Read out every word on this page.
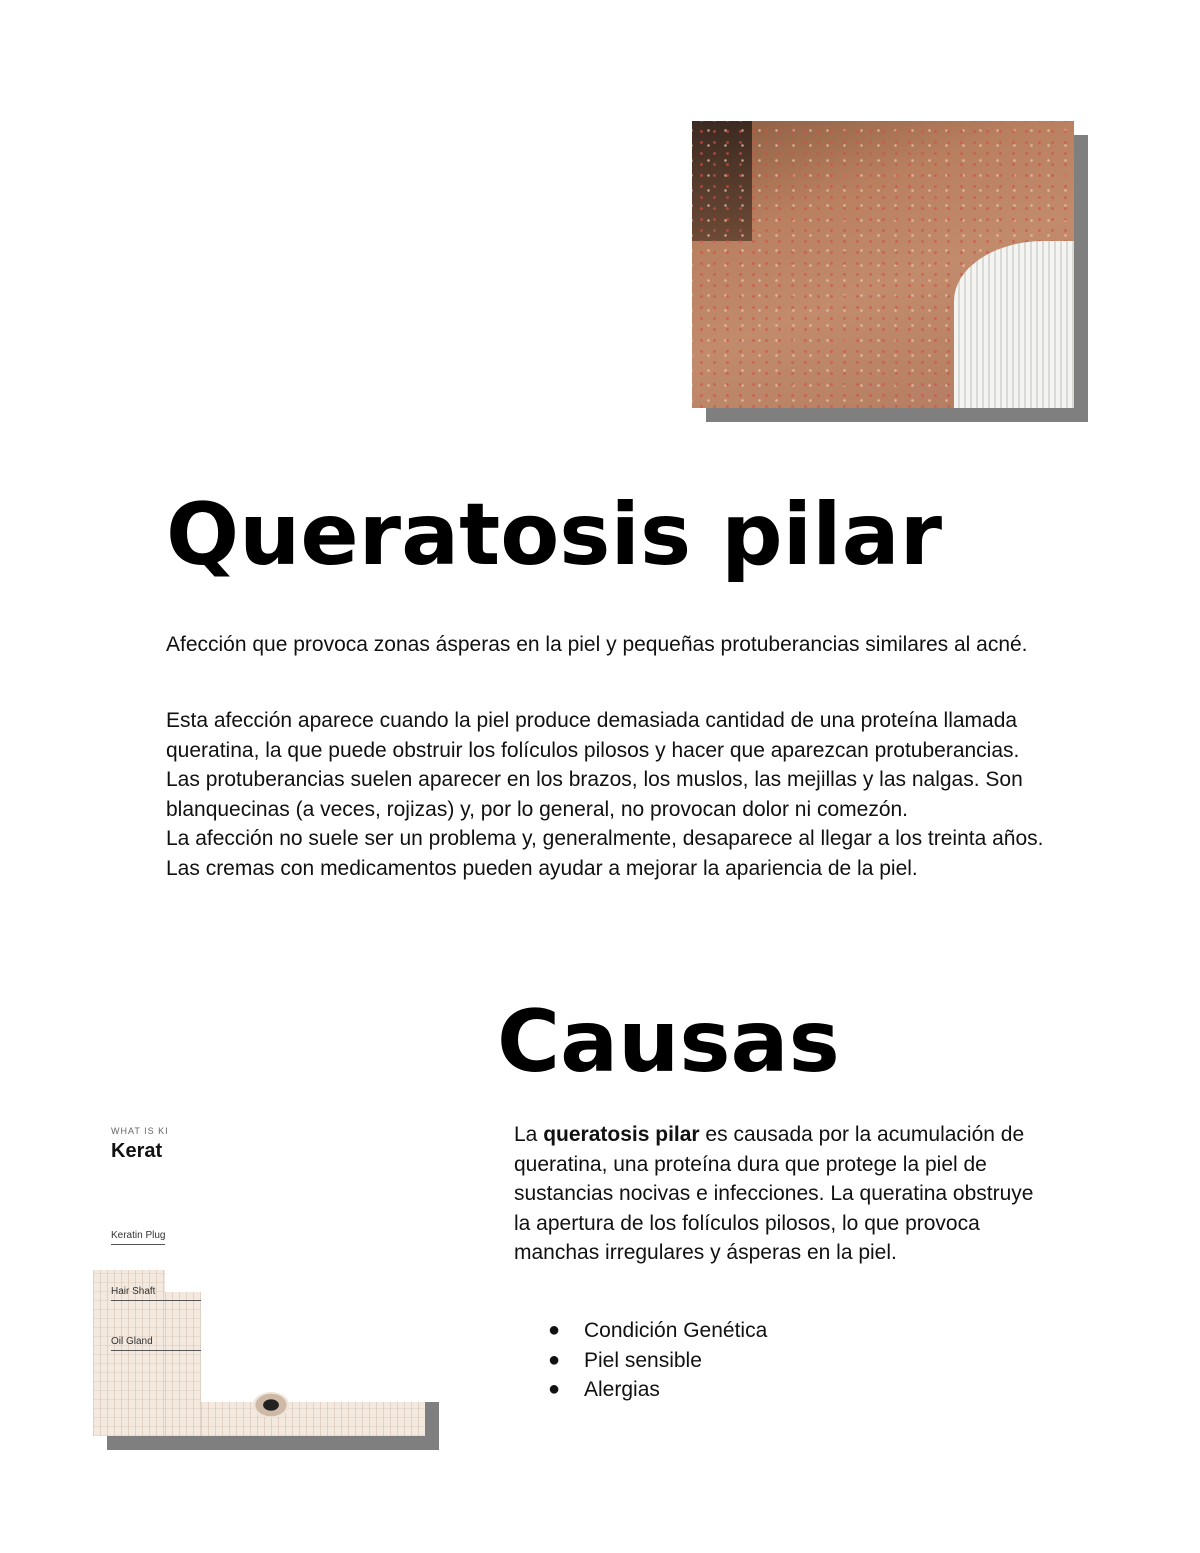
Queratosis pilar

Afección que provoca zonas ásperas en la piel y pequeñas protuberancias similares al acné.

Esta afección aparece cuando la piel produce demasiada cantidad de una proteína llamada queratina, la que puede obstruir los folículos pilosos y hacer que aparezcan protuberancias.
Las protuberancias suelen aparecer en los brazos, los muslos, las mejillas y las nalgas. Son blanquecinas (a veces, rojizas) y, por lo general, no provocan dolor ni comezón.
La afección no suele ser un problema y, generalmente, desaparece al llegar a los treinta años. Las cremas con medicamentos pueden ayudar a mejorar la apariencia de la piel.
Causas

La queratosis pilar es causada por la acumulación de queratina, una proteína dura que protege la piel de sustancias nocivas e infecciones. La queratina obstruye la apertura de los folículos pilosos, lo que provoca manchas irregulares y ásperas en la piel.

● Condición Genética
● Piel sensible
● Alergias
WHAT IS KI
Kerat
Keratin Plug
Hair Shaft
Oil Gland
